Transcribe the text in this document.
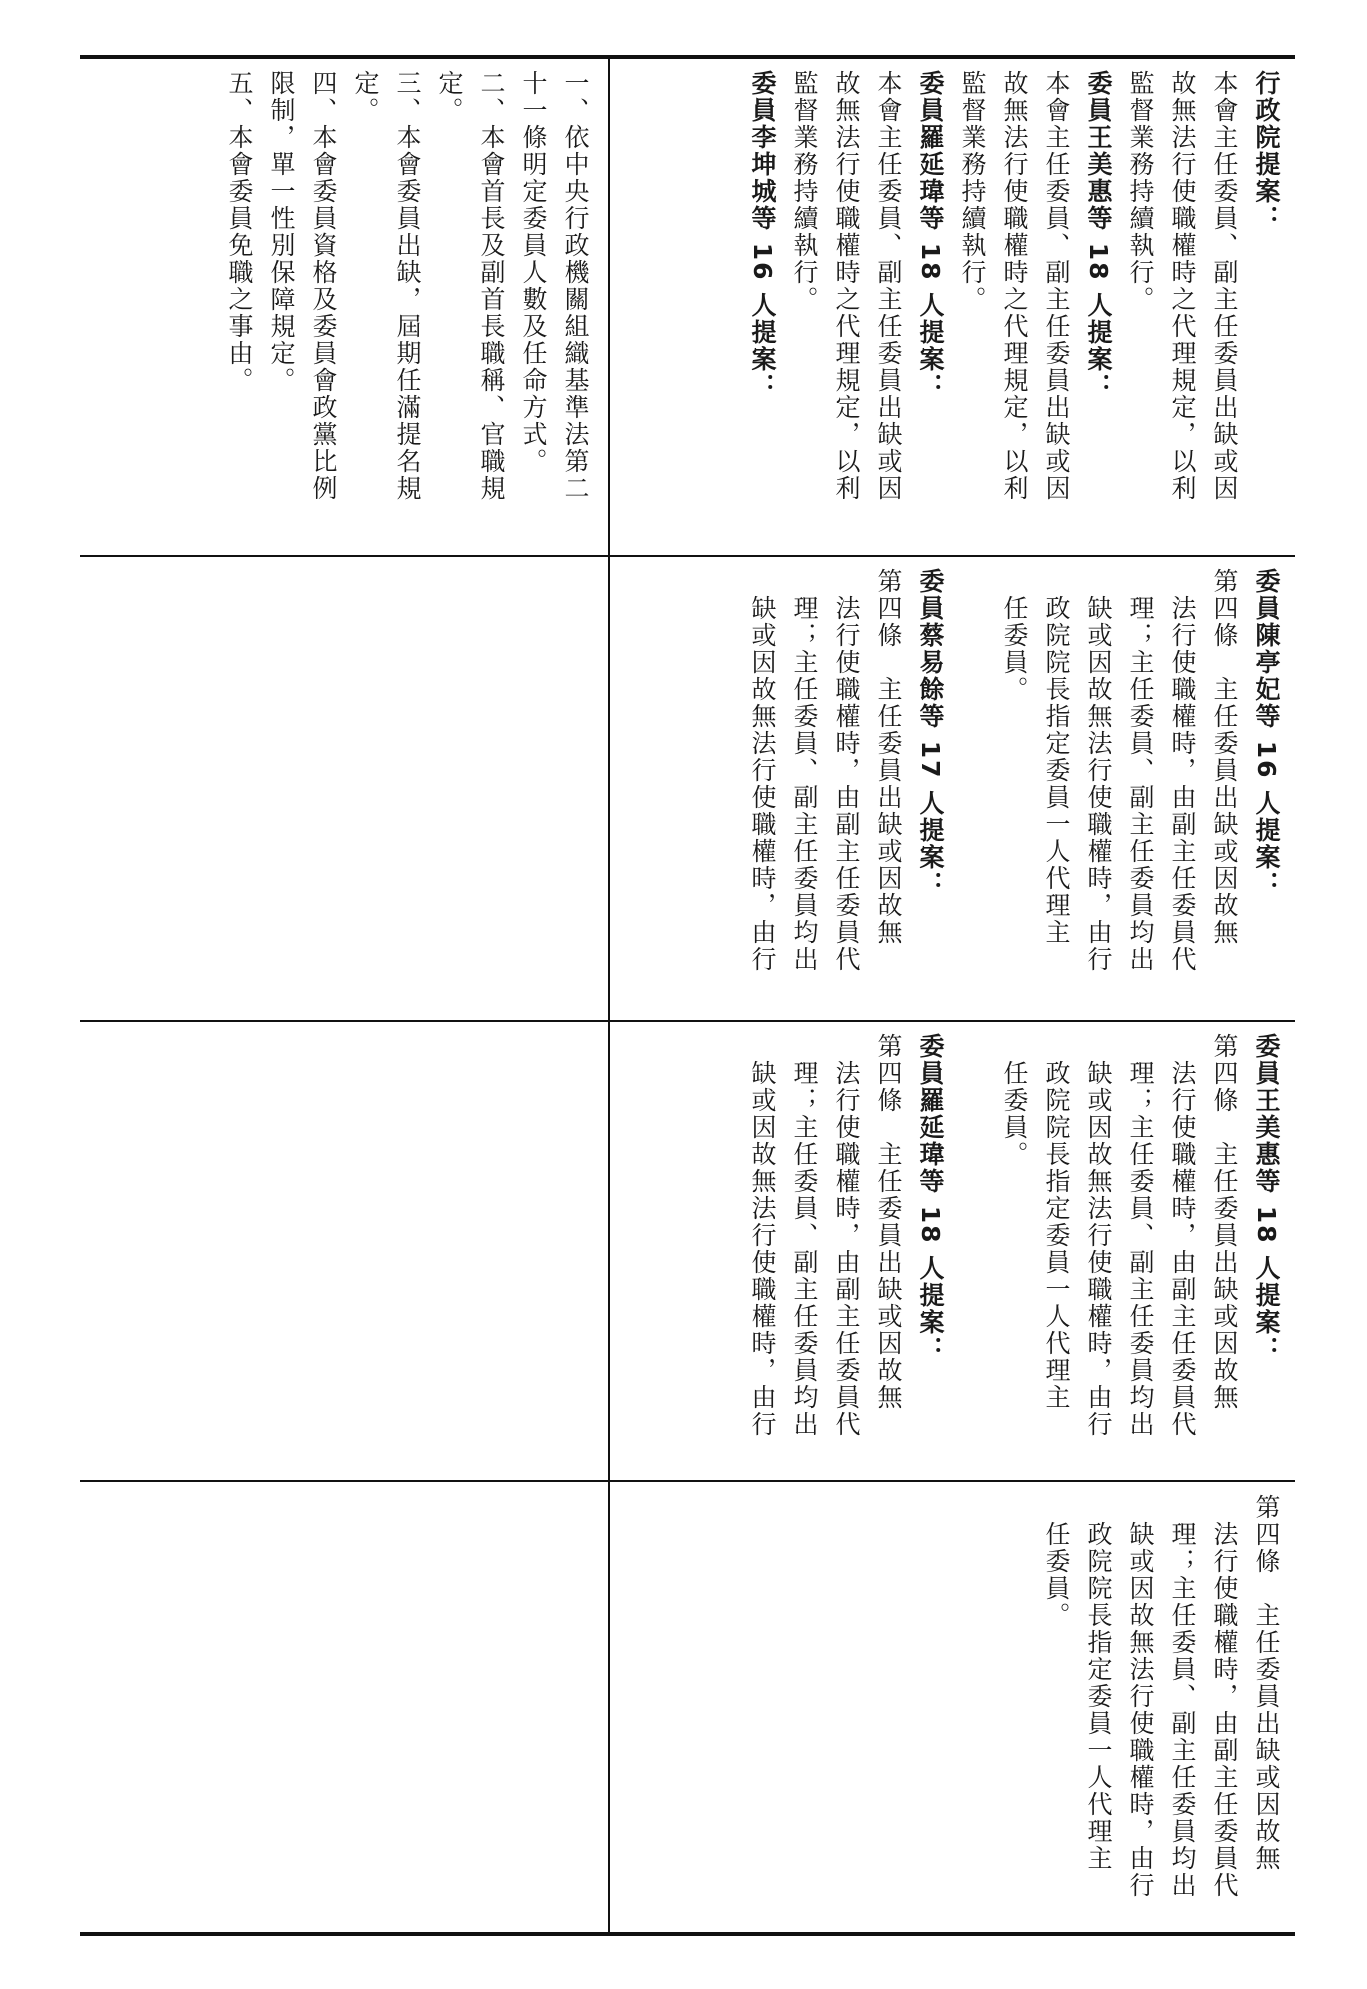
一、依中央行政機關組織基準法第二
十一條明定委員人數及任命方式。
二、本會首長及副首長職稱、官職規
定。
三、本會委員出缺，屆期任滿提名規
定。
四、本會委員資格及委員會政黨比例
限制，單一性別保障規定。
五、本會委員免職之事由。	行政院提案：
本會主任委員、副主任委員出缺或因
故無法行使職權時之代理規定，以利
監督業務持續執行。
委員王美惠等 18 人提案：
本會主任委員、副主任委員出缺或因
故無法行使職權時之代理規定，以利
監督業務持續執行。
委員羅延瑋等 18 人提案：
本會主任委員、副主任委員出缺或因
故無法行使職權時之代理規定，以利
監督業務持續執行。
委員李坤城等 16 人提案：
委員陳亭妃等 16 人提案：
第四條　主任委員出缺或因故無
　法行使職權時，由副主任委員代
　理；主任委員、副主任委員均出
　缺或因故無法行使職權時，由行
　政院院長指定委員一人代理主
　任委員。

委員蔡易餘等 17 人提案：
第四條　主任委員出缺或因故無
　法行使職權時，由副主任委員代
　理；主任委員、副主任委員均出
　缺或因故無法行使職權時，由行
委員王美惠等 18 人提案：
第四條　主任委員出缺或因故無
　法行使職權時，由副主任委員代
　理；主任委員、副主任委員均出
　缺或因故無法行使職權時，由行
　政院院長指定委員一人代理主
　任委員。

委員羅延瑋等 18 人提案：
第四條　主任委員出缺或因故無
　法行使職權時，由副主任委員代
　理；主任委員、副主任委員均出
　缺或因故無法行使職權時，由行
第四條　主任委員出缺或因故無
　法行使職權時，由副主任委員代
　理；主任委員、副主任委員均出
　缺或因故無法行使職權時，由行
　政院院長指定委員一人代理主
　任委員。
